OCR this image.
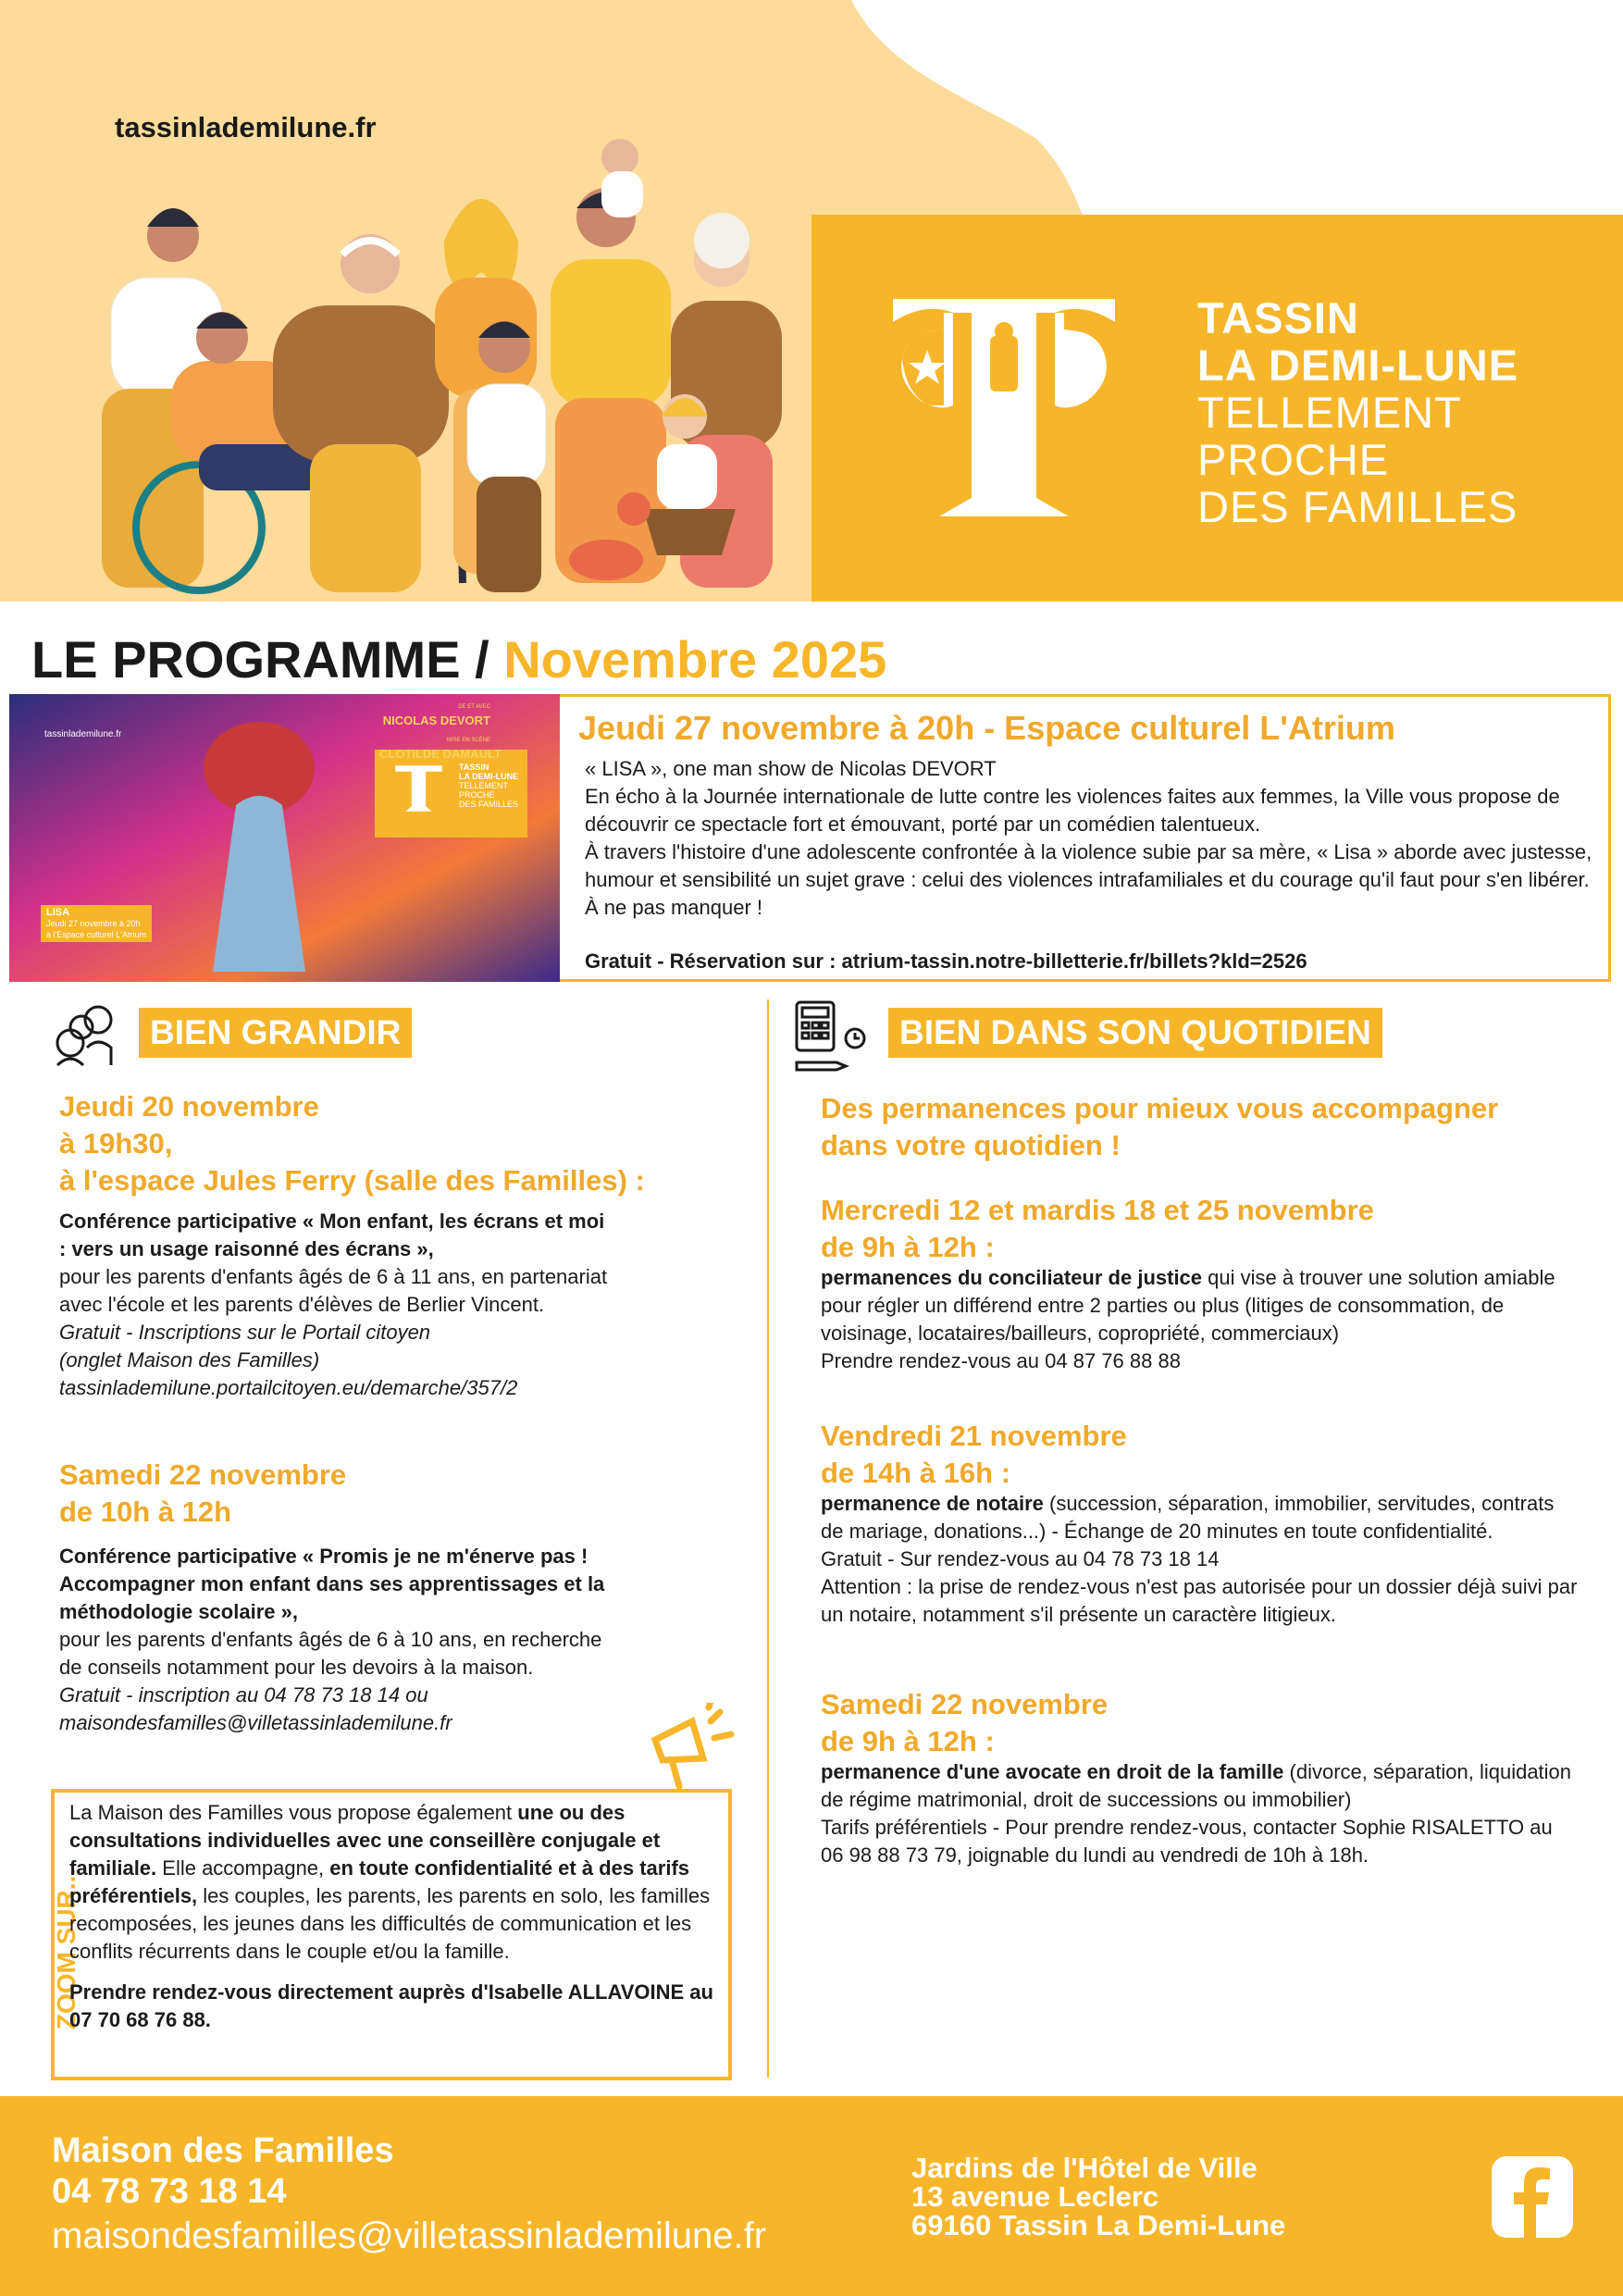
tassinlademilune.fr
TASSIN
LA DEMI-LUNE
TELLEMENT
PROCHE
DES FAMILLES
LE PROGRAMME / Novembre 2025
tassinlademilune.fr
DE ET AVEC NICOLAS DEVORT
MISE EN SCÈNE CLOTILDE DAMAULT
TASSIN
LA DEMI-LUNE
TELLEMENT
PROCHE
DES FAMILLES
LISA
Jeudi 27 novembre à 20h
à l'Espace culturel L'Atrium
Jeudi 27 novembre à 20h - Espace culturel L'Atrium
« LISA », one man show de Nicolas DEVORT
En écho à la Journée internationale de lutte contre les violences faites aux femmes, la Ville vous propose de découvrir ce spectacle fort et émouvant, porté par un comédien talentueux.
À travers l'histoire d'une adolescente confrontée à la violence subie par sa mère, « Lisa » aborde avec justesse, humour et sensibilité un sujet grave : celui des violences intrafamiliales et du courage qu'il faut pour s'en libérer. À ne pas manquer !
Gratuit - Réservation sur : atrium-tassin.notre-billetterie.fr/billets?kld=2526
BIEN GRANDIR
Jeudi 20 novembre
à 19h30,
à l'espace Jules Ferry (salle des Familles) :
Conférence participative « Mon enfant, les écrans et moi : vers un usage raisonné des écrans »,
pour les parents d'enfants âgés de 6 à 11 ans, en partenariat avec l'école et les parents d'élèves de Berlier Vincent.
Gratuit - Inscriptions sur le Portail citoyen
(onglet Maison des Familles)
tassinlademilune.portailcitoyen.eu/demarche/357/2
Samedi 22 novembre
de 10h à 12h
Conférence participative « Promis je ne m'énerve pas ! Accompagner mon enfant dans ses apprentissages et la méthodologie scolaire »,
pour les parents d'enfants âgés de 6 à 10 ans, en recherche de conseils notamment pour les devoirs à la maison.
Gratuit - inscription au 04 78 73 18 14 ou
maisondesfamilles@villetassinlademilune.fr
ZOOM SUR...
La Maison des Familles vous propose également une ou des consultations individuelles avec une conseillère conjugale et familiale. Elle accompagne, en toute confidentialité et à des tarifs préférentiels, les couples, les parents, les parents en solo, les familles recomposées, les jeunes dans les difficultés de communication et les conflits récurrents dans le couple et/ou la famille.
Prendre rendez-vous directement auprès d'Isabelle ALLAVOINE au 07 70 68 76 88.
BIEN DANS SON QUOTIDIEN
Des permanences pour mieux vous accompagner
dans votre quotidien !
Mercredi 12 et mardis 18 et 25 novembre
de 9h à 12h :
permanences du conciliateur de justice qui vise à trouver une solution amiable pour régler un différend entre 2 parties ou plus (litiges de consommation, de voisinage, locataires/bailleurs, copropriété, commerciaux)
Prendre rendez-vous au 04 87 76 88 88
Vendredi 21 novembre
de 14h à 16h :
permanence de notaire (succession, séparation, immobilier, servitudes, contrats de mariage, donations...) - Échange de 20 minutes en toute confidentialité.
Gratuit - Sur rendez-vous au 04 78 73 18 14
Attention : la prise de rendez-vous n'est pas autorisée pour un dossier déjà suivi par un notaire, notamment s'il présente un caractère litigieux.
Samedi 22 novembre
de 9h à 12h :
permanence d'une avocate en droit de la famille (divorce, séparation, liquidation de régime matrimonial, droit de successions ou immobilier)
Tarifs préférentiels - Pour prendre rendez-vous, contacter Sophie RISALETTO au 06 98 88 73 79, joignable du lundi au vendredi de 10h à 18h.
Maison des Familles
04 78 73 18 14
maisondesfamilles@villetassinlademilune.fr
Jardins de l'Hôtel de Ville
13 avenue Leclerc
69160 Tassin La Demi-Lune
